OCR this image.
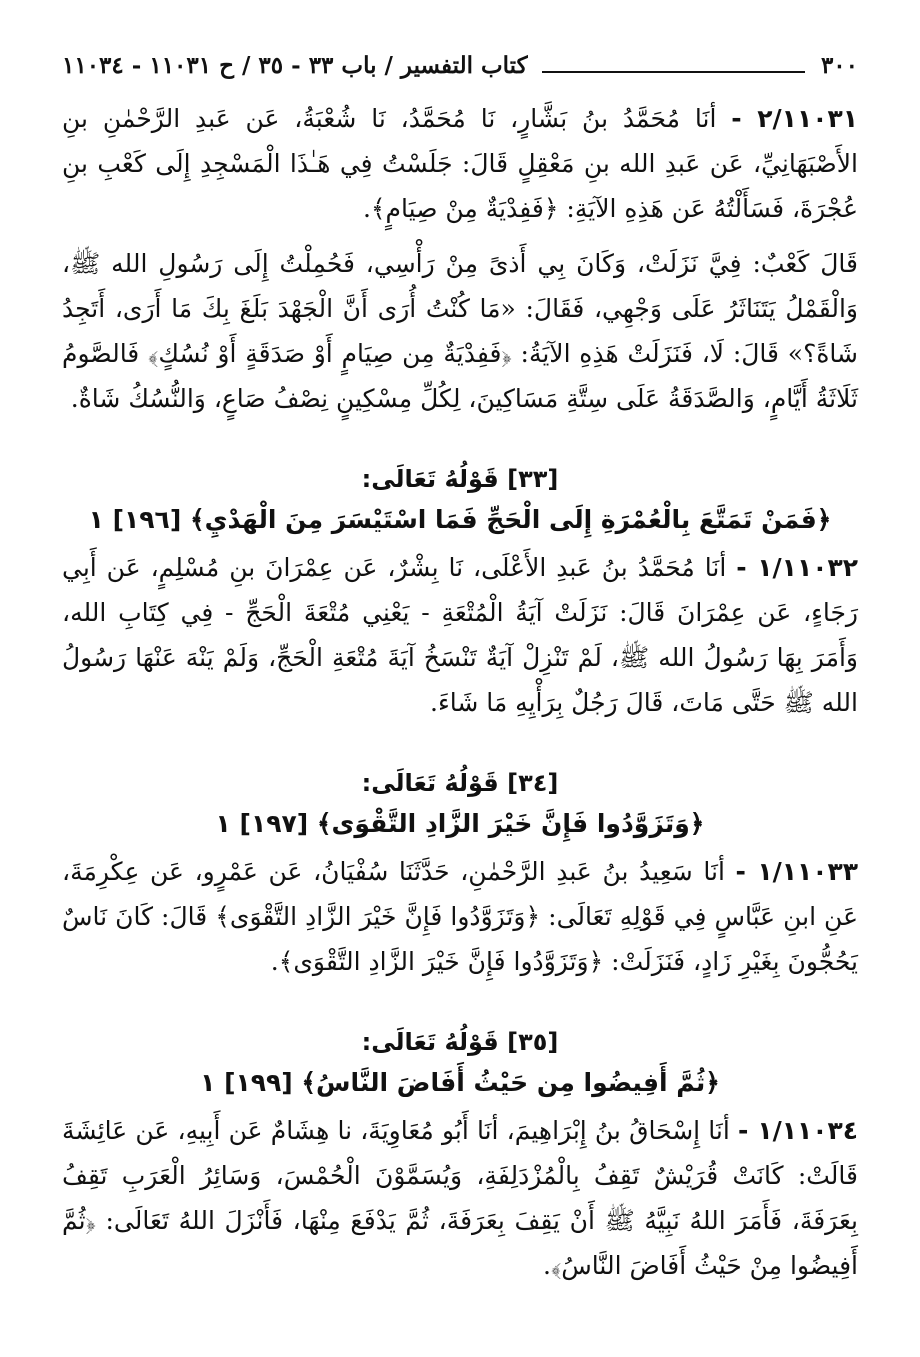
٣٠٠
كتاب التفسير / باب ٣٣ - ٣٥ / ح ١١٠٣١ - ١١٠٣٤

٢/١١٠٣١ - أنَا مُحَمَّدُ بنُ بَشَّارٍ، نَا مُحَمَّدُ، نَا شُعْبَةُ، عَن عَبدِ الرَّحْمٰنِ بنِ الأَصْبَهَانِيِّ، عَن عَبدِ الله بنِ مَعْقِلٍ قَالَ: جَلَسْتُ فِي هَـٰذَا الْمَسْجِدِ إِلَى كَعْبِ بنِ عُجْرَةَ، فَسَأَلْتُهُ عَن هَذِهِ الآيَةِ: ﴿فَفِدْيَةٌ مِنْ صِيَامٍ﴾.

قَالَ كَعْبٌ: فِيَّ نَزَلَتْ، وَكَانَ بِي أَذىً مِنْ رَأْسِي، فَحُمِلْتُ إِلَى رَسُولِ الله ﷺ، وَالْقَمْلُ يَتَنَاثَرُ عَلَى وَجْهِي، فَقَالَ: «مَا كُنْتُ أُرَى أَنَّ الْجَهْدَ بَلَغَ بِكَ مَا أَرَى، أَتَجِدُ شَاةً؟» قَالَ: لَا، فَنَزَلَتْ هَذِهِ الآيَةُ: ﴿فَفِدْيَةٌ مِن صِيَامٍ أَوْ صَدَقَةٍ أَوْ نُسُكٍ﴾ فَالصَّومُ ثَلَاثَةُ أَيَّامٍ، وَالصَّدَقَةُ عَلَى سِتَّةِ مَسَاكِينَ، لِكُلِّ مِسْكِينٍ نِصْفُ صَاعٍ، وَالنُّسُكُ شَاةٌ.

[٣٣] قَوْلُهُ تَعَالَى:
﴿فَمَنْ تَمَتَّعَ بِالْعُمْرَةِ إِلَى الْحَجِّ فَمَا اسْتَيْسَرَ مِنَ الْهَدْيِ﴾ [١٩٦] ١

١/١١٠٣٢ - أنَا مُحَمَّدُ بنُ عَبدِ الأَعْلَى، نَا بِشْرٌ، عَن عِمْرَانَ بنِ مُسْلِمٍ، عَن أَبِي رَجَاءٍ، عَن عِمْرَانَ قَالَ: نَزَلَتْ آيَةُ الْمُتْعَةِ - يَعْنِي مُتْعَةَ الْحَجِّ - فِي كِتَابِ الله، وَأَمَرَ بِهَا رَسُولُ الله ﷺ، لَمْ تَنْزِلْ آيَةٌ تَنْسَخُ آيَةَ مُتْعَةِ الْحَجِّ، وَلَمْ يَنْهَ عَنْهَا رَسُولُ الله ﷺ حَتَّى مَاتَ، قَالَ رَجُلٌ بِرَأْيِهِ مَا شَاءَ.

[٣٤] قَوْلُهُ تَعَالَى:
﴿وَتَزَوَّدُوا فَإِنَّ خَيْرَ الزَّادِ التَّقْوَى﴾ [١٩٧] ١

١/١١٠٣٣ - أنَا سَعِيدُ بنُ عَبدِ الرَّحْمٰنِ، حَدَّثَنَا سُفْيَانُ، عَن عَمْرٍو، عَن عِكْرِمَةَ، عَنِ ابنِ عَبَّاسٍ فِي قَوْلِهِ تَعَالَى: ﴿وَتَزَوَّدُوا فَإِنَّ خَيْرَ الزَّادِ التَّقْوَى﴾ قَالَ: كَانَ نَاسٌ يَحُجُّونَ بِغَيْرِ زَادٍ، فَنَزَلَتْ: ﴿وَتَزَوَّدُوا فَإِنَّ خَيْرَ الزَّادِ التَّقْوَى﴾.

[٣٥] قَوْلُهُ تَعَالَى:
﴿ثُمَّ أَفِيضُوا مِن حَيْثُ أَفَاضَ النَّاسُ﴾ [١٩٩] ١

١/١١٠٣٤ - أنَا إِسْحَاقُ بنُ إِبْرَاهِيمَ، أنَا أَبُو مُعَاوِيَةَ، نا هِشَامٌ عَن أَبِيهِ، عَن عَائِشَةَ قَالَتْ: كَانَتْ قُرَيْشٌ تَقِفُ بِالْمُزْدَلِفَةِ، وَيُسَمَّوْنَ الْحُمْسَ، وَسَائِرُ الْعَرَبِ تَقِفُ بِعَرَفَةَ، فَأَمَرَ اللهُ نَبِيَّهُ ﷺ أَنْ يَقِفَ بِعَرَفَةَ، ثُمَّ يَدْفَعَ مِنْهَا، فَأَنْزَلَ اللهُ تَعَالَى: ﴿ثُمَّ أَفِيضُوا مِنْ حَيْثُ أَفَاضَ النَّاسُ﴾.
